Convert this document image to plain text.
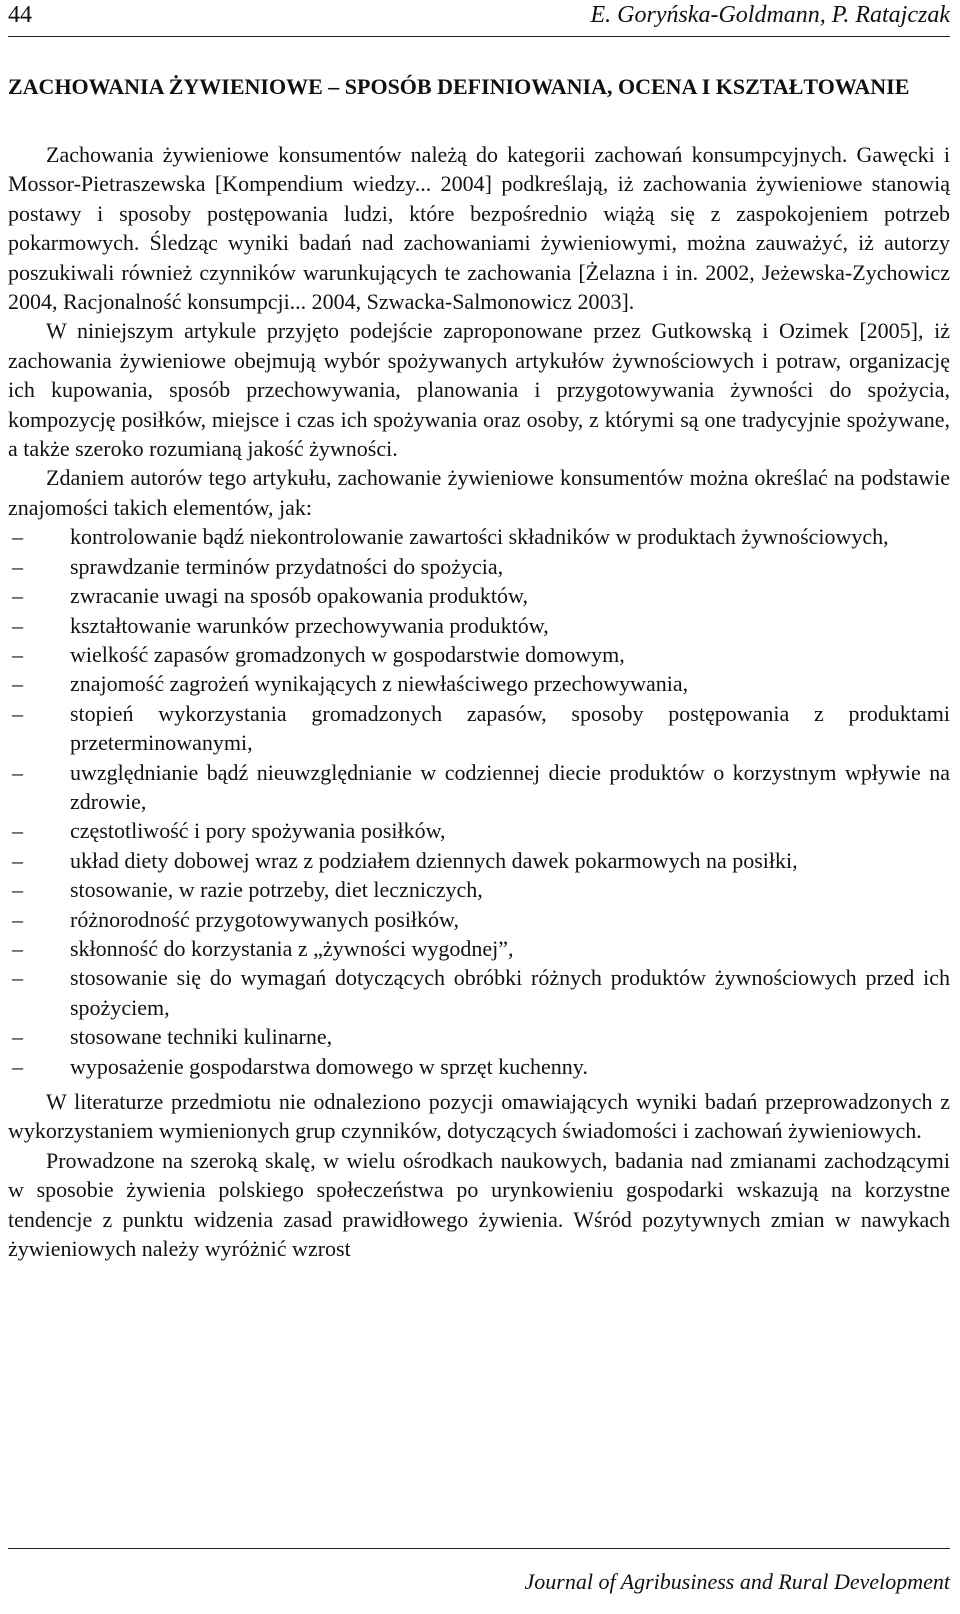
44	E. Goryńska-Goldmann, P. Ratajczak
ZACHOWANIA ŻYWIENIOWE – SPOSÓB DEFINIOWANIA, OCENA I KSZTAŁTOWANIE

Zachowania żywieniowe konsumentów należą do kategorii zachowań konsumpcyjnych. Gawęcki i Mossor-Pietraszewska [Kompendium wiedzy... 2004] podkreślają, iż zachowania żywieniowe stanowią postawy i sposoby postępowania ludzi, które bezpośrednio wiążą się z zaspokojeniem potrzeb pokarmowych. Śledząc wyniki badań nad zachowaniami żywieniowymi, można zauważyć, iż autorzy poszukiwali również czynników warunkujących te zachowania [Żelazna i in. 2002, Jeżewska-Zychowicz 2004, Racjonalność konsumpcji... 2004, Szwacka-Salmonowicz 2003].

W niniejszym artykule przyjęto podejście zaproponowane przez Gutkowską i Ozimek [2005], iż zachowania żywieniowe obejmują wybór spożywanych artykułów żywnościowych i potraw, organizację ich kupowania, sposób przechowywania, planowania i przygotowywania żywności do spożycia, kompozycję posiłków, miejsce i czas ich spożywania oraz osoby, z którymi są one tradycyjnie spożywane, a także szeroko rozumianą jakość żywności.

Zdaniem autorów tego artykułu, zachowanie żywieniowe konsumentów można określać na podstawie znajomości takich elementów, jak:

– kontrolowanie bądź niekontrolowanie zawartości składników w produktach żywnościowych,
– sprawdzanie terminów przydatności do spożycia,
– zwracanie uwagi na sposób opakowania produktów,
– kształtowanie warunków przechowywania produktów,
– wielkość zapasów gromadzonych w gospodarstwie domowym,
– znajomość zagrożeń wynikających z niewłaściwego przechowywania,
– stopień wykorzystania gromadzonych zapasów, sposoby postępowania z produktami przeterminowanymi,
– uwzględnianie bądź nieuwzględnianie w codziennej diecie produktów o korzystnym wpływie na zdrowie,
– częstotliwość i pory spożywania posiłków,
– układ diety dobowej wraz z podziałem dziennych dawek pokarmowych na posiłki,
– stosowanie, w razie potrzeby, diet leczniczych,
– różnorodność przygotowywanych posiłków,
– skłonność do korzystania z „żywności wygodnej”,
– stosowanie się do wymagań dotyczących obróbki różnych produktów żywnościowych przed ich spożyciem,
– stosowane techniki kulinarne,
– wyposażenie gospodarstwa domowego w sprzęt kuchenny.

W literaturze przedmiotu nie odnaleziono pozycji omawiających wyniki badań przeprowadzonych z wykorzystaniem wymienionych grup czynników, dotyczących świadomości i zachowań żywieniowych.

Prowadzone na szeroką skalę, w wielu ośrodkach naukowych, badania nad zmianami zachodzącymi w sposobie żywienia polskiego społeczeństwa po urynkowieniu gospodarki wskazują na korzystne tendencje z punktu widzenia zasad prawidłowego żywienia. Wśród pozytywnych zmian w nawykach żywieniowych należy wyróżnić wzrost

Journal of Agribusiness and Rural Development
